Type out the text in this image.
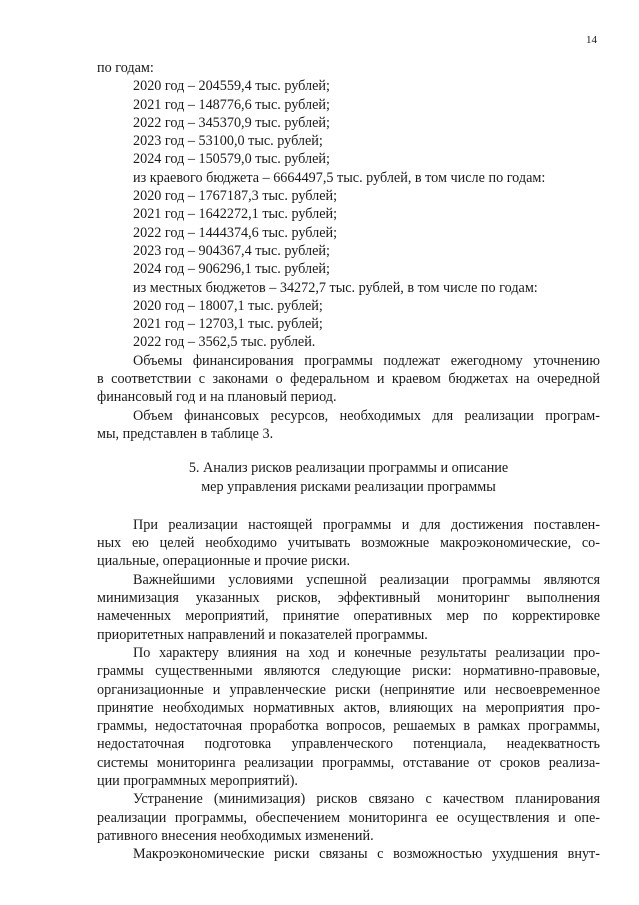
14
по годам:
2020 год – 204559,4 тыс. рублей;
2021 год – 148776,6 тыс. рублей;
2022 год – 345370,9 тыс. рублей;
2023 год – 53100,0 тыс. рублей;
2024 год – 150579,0 тыс. рублей;
из краевого бюджета – 6664497,5 тыс. рублей, в том числе по годам:
2020 год – 1767187,3 тыс. рублей;
2021 год – 1642272,1 тыс. рублей;
2022 год – 1444374,6 тыс. рублей;
2023 год – 904367,4 тыс. рублей;
2024 год – 906296,1 тыс. рублей;
из местных бюджетов – 34272,7 тыс. рублей, в том числе по годам:
2020 год – 18007,1 тыс. рублей;
2021 год – 12703,1 тыс. рублей;
2022 год – 3562,5 тыс. рублей.
Объемы финансирования программы подлежат ежегодному уточнению
в соответствии с законами о федеральном и краевом бюджетах на очередной
финансовый год и на плановый период.
Объем финансовых ресурсов, необходимых для реализации програм-
мы, представлен в таблице 3.
5. Анализ рисков реализации программы и описание
мер управления рисками реализации программы
При реализации настоящей программы и для достижения поставлен-
ных ею целей необходимо учитывать возможные макроэкономические, со-
циальные, операционные и прочие риски.
Важнейшими условиями успешной реализации программы являются
минимизация указанных рисков, эффективный мониторинг выполнения
намеченных мероприятий, принятие оперативных мер по корректировке
приоритетных направлений и показателей программы.
По характеру влияния на ход и конечные результаты реализации про-
граммы существенными являются следующие риски: нормативно-правовые,
организационные и управленческие риски (непринятие или несвоевременное
принятие необходимых нормативных актов, влияющих на мероприятия про-
граммы, недостаточная проработка вопросов, решаемых в рамках программы,
недостаточная подготовка управленческого потенциала, неадекватность
системы мониторинга реализации программы, отставание от сроков реализа-
ции программных мероприятий).
Устранение (минимизация) рисков связано с качеством планирования
реализации программы, обеспечением мониторинга ее осуществления и опе-
ративного внесения необходимых изменений.
Макроэкономические риски связаны с возможностью ухудшения внут-
